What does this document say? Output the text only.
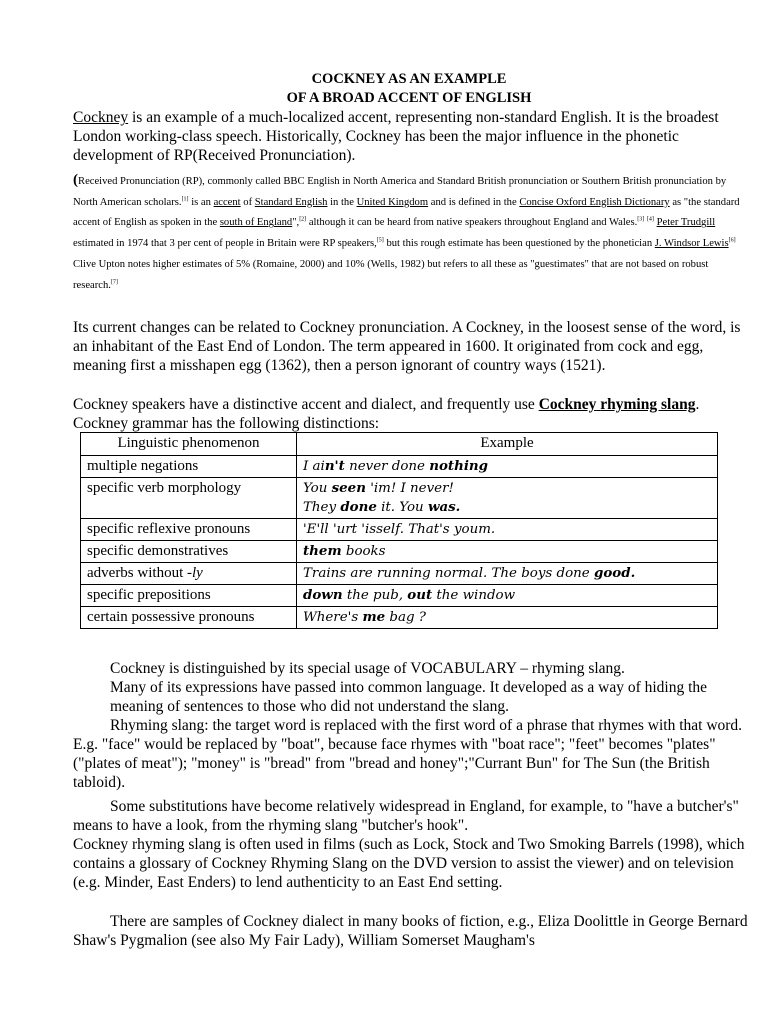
COCKNEY AS AN EXAMPLE
OF A BROAD ACCENT OF ENGLISH
Cockney is an example of a much-localized accent, representing non-standard English. It is the broadest London working-class speech. Historically, Cockney has been the major influence in the phonetic development of RP(Received Pronunciation).
(Received Pronunciation (RP), commonly called BBC English in North America and Standard British pronunciation or Southern British pronunciation by North American scholars.[1] is an accent of Standard English in the United Kingdom and is defined in the Concise Oxford English Dictionary as "the standard accent of English as spoken in the south of England",[2] although it can be heard from native speakers throughout England and Wales.[3] [4] Peter Trudgill estimated in 1974 that 3 per cent of people in Britain were RP speakers,[5] but this rough estimate has been questioned by the phonetician J. Windsor Lewis[6] Clive Upton notes higher estimates of 5% (Romaine, 2000) and 10% (Wells, 1982) but refers to all these as "guestimates" that are not based on robust research.[7]
Its current changes can be related to Cockney pronunciation. A Cockney, in the loosest sense of the word, is an inhabitant of the East End of London. The term appeared in 1600. It originated from cock and egg, meaning first a misshapen egg (1362), then a person ignorant of country ways (1521).
Cockney speakers have a distinctive accent and dialect, and frequently use Cockney rhyming slang. Cockney grammar has the following distinctions:
Linguistic phenomenon	Example
multiple negations	I ain't never done nothing
specific verb morphology	You seen 'im! I never!
They done it. You was.
specific reflexive pronouns	'E'll 'urt 'isself. That's youm.
specific demonstratives	them books
adverbs without -ly	Trains are running normal. The boys done good.
specific prepositions	down the pub, out the window
certain possessive pronouns	Where's me bag ?
Cockney is distinguished by its special usage of VOCABULARY – rhyming slang.
Many of its expressions have passed into common language. It developed as a way of hiding the meaning of sentences to those who did not understand the slang.
Rhyming slang: the target word is replaced with the first word of a phrase that rhymes with that word. E.g. "face" would be replaced by "boat", because face rhymes with "boat race"; "feet" becomes "plates" ("plates of meat"); "money" is "bread" from "bread and honey";"Currant Bun" for The Sun (the British tabloid).
Some substitutions have become relatively widespread in England, for example, to "have a butcher's" means to have a look, from the rhyming slang "butcher's hook".
Cockney rhyming slang is often used in films (such as Lock, Stock and Two Smoking Barrels (1998), which contains a glossary of Cockney Rhyming Slang on the DVD version to assist the viewer) and on television (e.g. Minder, East Enders) to lend authenticity to an East End setting.
There are samples of Cockney dialect in many books of fiction, e.g., Eliza Doolittle in George Bernard Shaw's Pygmalion (see also My Fair Lady), William Somerset Maugham's
